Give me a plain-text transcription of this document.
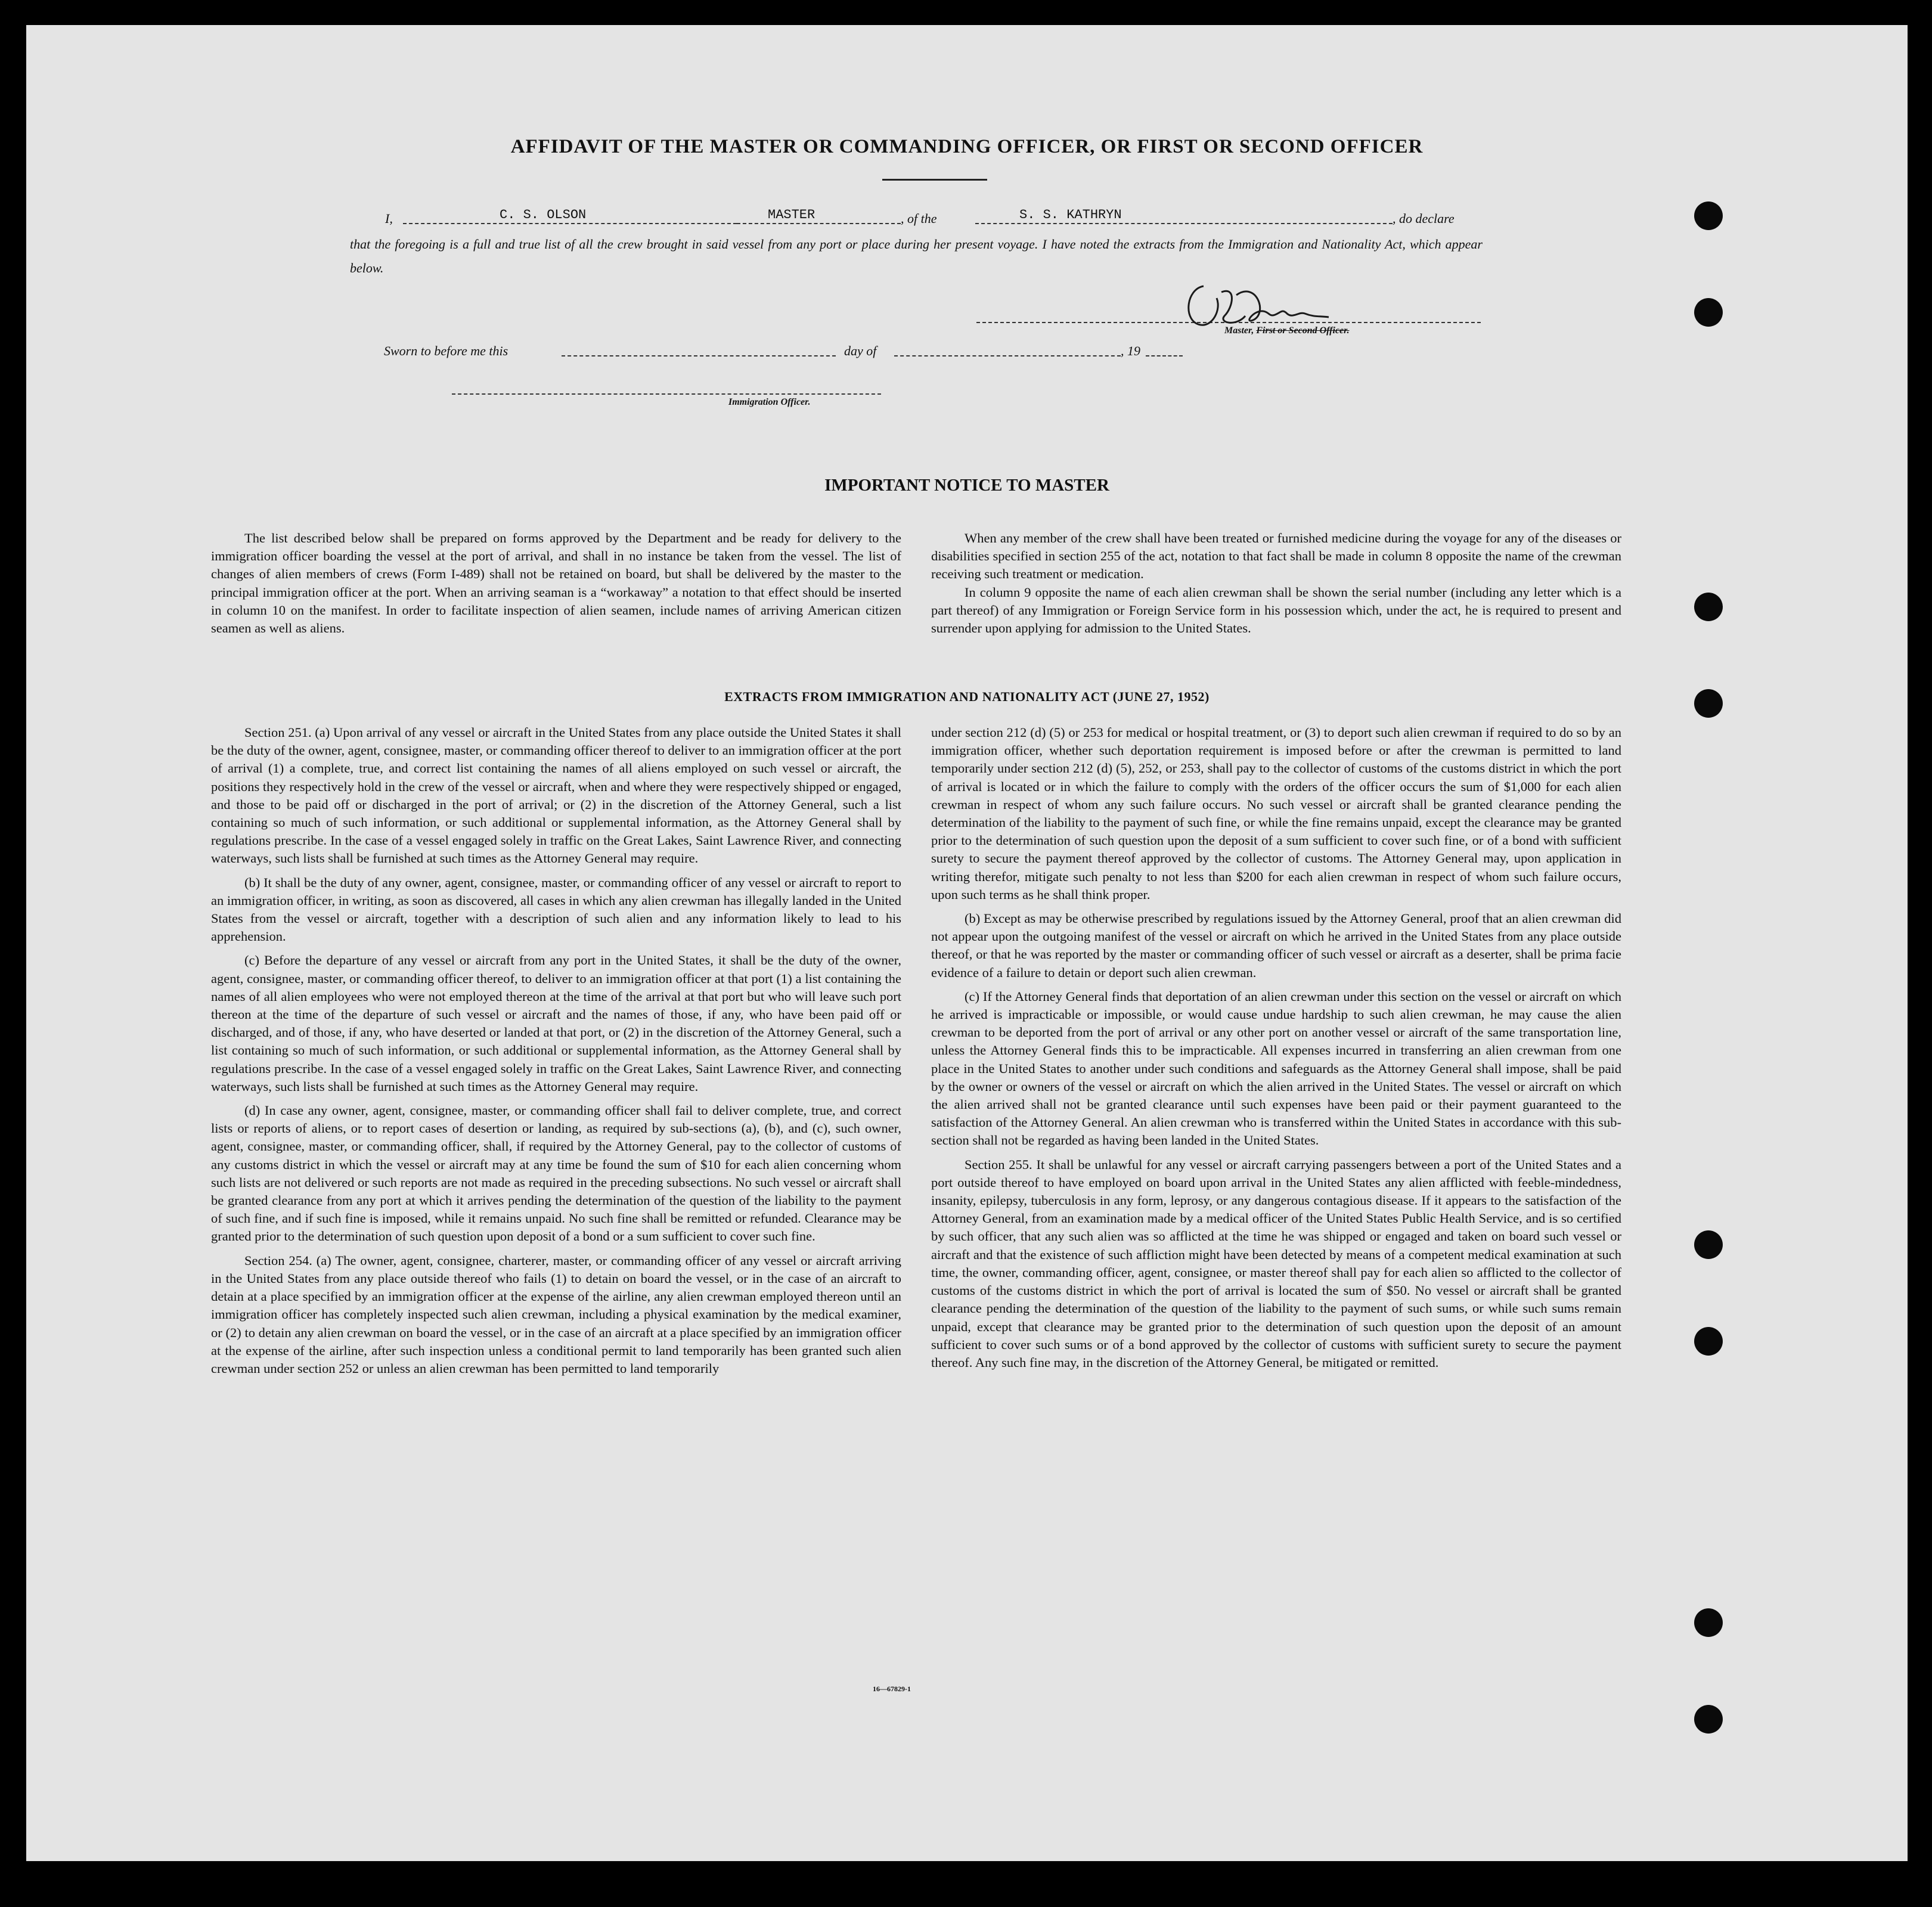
AFFIDAVIT OF THE MASTER OR COMMANDING OFFICER, OR FIRST OR SECOND OFFICER
I,	C. S. OLSON	MASTER	, of the	S. S. KATHRYN	, do declare
that the foregoing is a full and true list of all the crew brought in said vessel from any port or place during her present voyage. I have noted the extracts from the Immigration and Nationality Act, which appear below.
Master, First or Second Officer.
Sworn to before me this	day of	, 19
Immigration Officer.
IMPORTANT NOTICE TO MASTER

The list described below shall be prepared on forms approved by the Department and be ready for delivery to the immigration officer boarding the vessel at the port of arrival, and shall in no instance be taken from the vessel. The list of changes of alien members of crews (Form I-489) shall not be retained on board, but shall be delivered by the master to the principal immigration officer at the port. When an arriving seaman is a “workaway” a notation to that effect should be inserted in column 10 on the manifest. In order to facilitate inspection of alien seamen, include names of arriving American citizen seamen as well as aliens.

When any member of the crew shall have been treated or furnished medicine during the voyage for any of the diseases or disabilities specified in section 255 of the act, notation to that fact shall be made in column 8 opposite the name of the crewman receiving such treatment or medication.

In column 9 opposite the name of each alien crewman shall be shown the serial number (including any letter which is a part thereof) of any Immigration or Foreign Service form in his possession which, under the act, he is required to present and surrender upon applying for admission to the United States.

EXTRACTS FROM IMMIGRATION AND NATIONALITY ACT (JUNE 27, 1952)

Section 251. (a) Upon arrival of any vessel or aircraft in the United States from any place outside the United States it shall be the duty of the owner, agent, consignee, master, or commanding officer thereof to deliver to an immigration officer at the port of arrival (1) a complete, true, and correct list containing the names of all aliens employed on such vessel or aircraft, the positions they respectively hold in the crew of the vessel or aircraft, when and where they were respectively shipped or engaged, and those to be paid off or discharged in the port of arrival; or (2) in the discretion of the Attorney General, such a list containing so much of such information, or such additional or supplemental information, as the Attorney General shall by regulations prescribe. In the case of a vessel engaged solely in traffic on the Great Lakes, Saint Lawrence River, and connecting waterways, such lists shall be furnished at such times as the Attorney General may require.

(b) It shall be the duty of any owner, agent, consignee, master, or commanding officer of any vessel or aircraft to report to an immigration officer, in writing, as soon as discovered, all cases in which any alien crewman has illegally landed in the United States from the vessel or aircraft, together with a description of such alien and any information likely to lead to his apprehension.

(c) Before the departure of any vessel or aircraft from any port in the United States, it shall be the duty of the owner, agent, consignee, master, or commanding officer thereof, to deliver to an immigration officer at that port (1) a list containing the names of all alien employees who were not employed thereon at the time of the arrival at that port but who will leave such port thereon at the time of the departure of such vessel or aircraft and the names of those, if any, who have been paid off or discharged, and of those, if any, who have deserted or landed at that port, or (2) in the discretion of the Attorney General, such a list containing so much of such information, or such additional or supplemental information, as the Attorney General shall by regulations prescribe. In the case of a vessel engaged solely in traffic on the Great Lakes, Saint Lawrence River, and connecting waterways, such lists shall be furnished at such times as the Attorney General may require.

(d) In case any owner, agent, consignee, master, or commanding officer shall fail to deliver complete, true, and correct lists or reports of aliens, or to report cases of desertion or landing, as required by sub-sections (a), (b), and (c), such owner, agent, consignee, master, or commanding officer, shall, if required by the Attorney General, pay to the collector of customs of any customs district in which the vessel or aircraft may at any time be found the sum of $10 for each alien concerning whom such lists are not delivered or such reports are not made as required in the preceding subsections. No such vessel or aircraft shall be granted clearance from any port at which it arrives pending the determination of the question of the liability to the payment of such fine, and if such fine is imposed, while it remains unpaid. No such fine shall be remitted or refunded. Clearance may be granted prior to the determination of such question upon deposit of a bond or a sum sufficient to cover such fine.

Section 254. (a) The owner, agent, consignee, charterer, master, or commanding officer of any vessel or aircraft arriving in the United States from any place outside thereof who fails (1) to detain on board the vessel, or in the case of an aircraft to detain at a place specified by an immigration officer at the expense of the airline, any alien crewman employed thereon until an immigration officer has completely inspected such alien crewman, including a physical examination by the medical examiner, or (2) to detain any alien crewman on board the vessel, or in the case of an aircraft at a place specified by an immigration officer at the expense of the airline, after such inspection unless a conditional permit to land temporarily has been granted such alien crewman under section 252 or unless an alien crewman has been permitted to land temporarily

under section 212 (d) (5) or 253 for medical or hospital treatment, or (3) to deport such alien crewman if required to do so by an immigration officer, whether such deportation requirement is imposed before or after the crewman is permitted to land temporarily under section 212 (d) (5), 252, or 253, shall pay to the collector of customs of the customs district in which the port of arrival is located or in which the failure to comply with the orders of the officer occurs the sum of $1,000 for each alien crewman in respect of whom any such failure occurs. No such vessel or aircraft shall be granted clearance pending the determination of the liability to the payment of such fine, or while the fine remains unpaid, except the clearance may be granted prior to the determination of such question upon the deposit of a sum sufficient to cover such fine, or of a bond with sufficient surety to secure the payment thereof approved by the collector of customs. The Attorney General may, upon application in writing therefor, mitigate such penalty to not less than $200 for each alien crewman in respect of whom such failure occurs, upon such terms as he shall think proper.

(b) Except as may be otherwise prescribed by regulations issued by the Attorney General, proof that an alien crewman did not appear upon the outgoing manifest of the vessel or aircraft on which he arrived in the United States from any place outside thereof, or that he was reported by the master or commanding officer of such vessel or aircraft as a deserter, shall be prima facie evidence of a failure to detain or deport such alien crewman.

(c) If the Attorney General finds that deportation of an alien crewman under this section on the vessel or aircraft on which he arrived is impracticable or impossible, or would cause undue hardship to such alien crewman, he may cause the alien crewman to be deported from the port of arrival or any other port on another vessel or aircraft of the same transportation line, unless the Attorney General finds this to be impracticable. All expenses incurred in transferring an alien crewman from one place in the United States to another under such conditions and safeguards as the Attorney General shall impose, shall be paid by the owner or owners of the vessel or aircraft on which the alien arrived in the United States. The vessel or aircraft on which the alien arrived shall not be granted clearance until such expenses have been paid or their payment guaranteed to the satisfaction of the Attorney General. An alien crewman who is transferred within the United States in accordance with this sub-section shall not be regarded as having been landed in the United States.

Section 255. It shall be unlawful for any vessel or aircraft carrying passengers between a port of the United States and a port outside thereof to have employed on board upon arrival in the United States any alien afflicted with feeble-mindedness, insanity, epilepsy, tuberculosis in any form, leprosy, or any dangerous contagious disease. If it appears to the satisfaction of the Attorney General, from an examination made by a medical officer of the United States Public Health Service, and is so certified by such officer, that any such alien was so afflicted at the time he was shipped or engaged and taken on board such vessel or aircraft and that the existence of such affliction might have been detected by means of a competent medical examination at such time, the owner, commanding officer, agent, consignee, or master thereof shall pay for each alien so afflicted to the collector of customs of the customs district in which the port of arrival is located the sum of $50. No vessel or aircraft shall be granted clearance pending the determination of the question of the liability to the payment of such sums, or while such sums remain unpaid, except that clearance may be granted prior to the determination of such question upon the deposit of an amount sufficient to cover such sums or of a bond approved by the collector of customs with sufficient surety to secure the payment thereof. Any such fine may, in the discretion of the Attorney General, be mitigated or remitted.

16—67829-1
